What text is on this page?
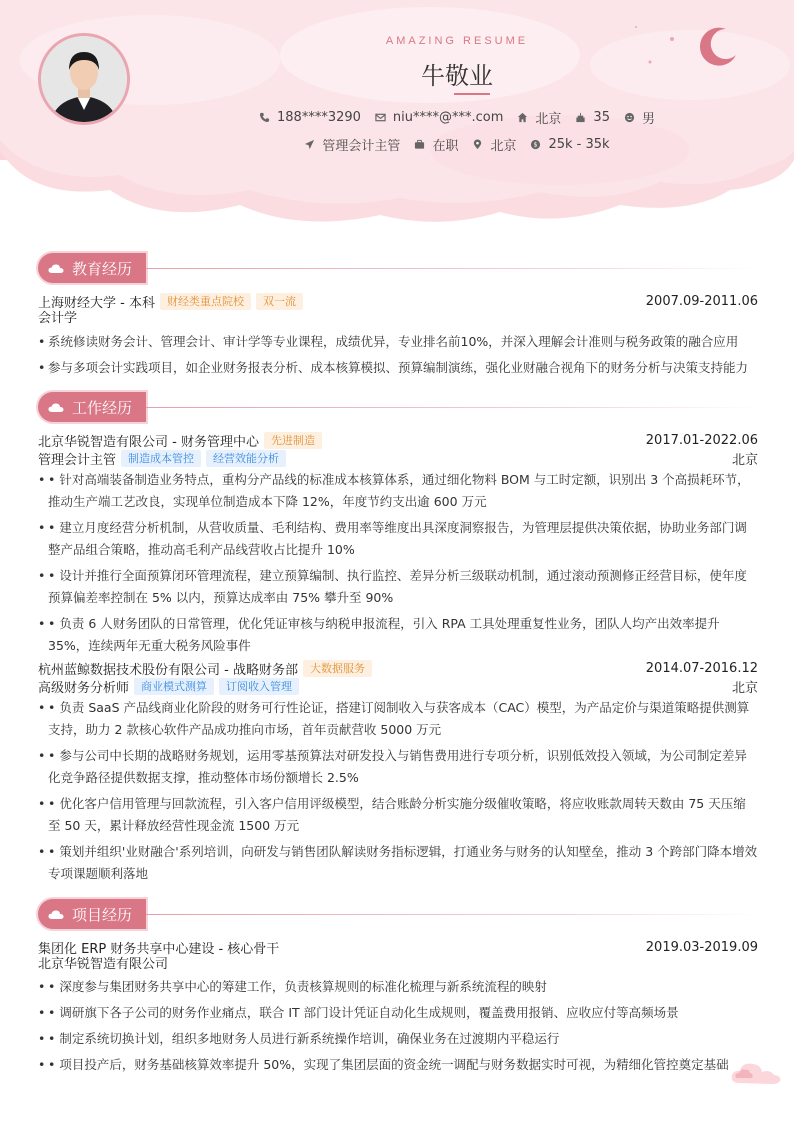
AMAZING RESUME
牛敬业
188****3290 niu****@***.com 北京 35 男
管理会计主管 在职 北京 $ 25k - 35k
教育经历
上海财经大学 - 本科	财经类重点院校	双一流	2007.09-2011.06
会计学
• 系统修读财务会计、管理会计、审计学等专业课程，成绩优异，专业排名前10%，并深入理解会计准则与税务政策的融合应用
• 参与多项会计实践项目，如企业财务报表分析、成本核算模拟、预算编制演练，强化业财融合视角下的财务分析与决策支持能力
工作经历
北京华锐智造有限公司 - 财务管理中心	先进制造	2017.01-2022.06
管理会计主管	制造成本管控	经营效能分析	北京
• • 针对高端装备制造业务特点，重构分产品线的标准成本核算体系，通过细化物料 BOM 与工时定额，识别出 3 个高损耗环节，推动生产端工艺改良，实现单位制造成本下降 12%，年度节约支出逾 600 万元
• • 建立月度经营分析机制，从营收质量、毛利结构、费用率等维度出具深度洞察报告，为管理层提供决策依据，协助业务部门调整产品组合策略，推动高毛利产品线营收占比提升 10%
• • 设计并推行全面预算闭环管理流程，建立预算编制、执行监控、差异分析三级联动机制，通过滚动预测修正经营目标，使年度预算偏差率控制在 5% 以内，预算达成率由 75% 攀升至 90%
• • 负责 6 人财务团队的日常管理，优化凭证审核与纳税申报流程，引入 RPA 工具处理重复性业务，团队人均产出效率提升 35%，连续两年无重大税务风险事件
杭州蓝鲸数据技术股份有限公司 - 战略财务部	大数据服务	2014.07-2016.12
高级财务分析师	商业模式测算	订阅收入管理	北京
• • 负责 SaaS 产品线商业化阶段的财务可行性论证，搭建订阅制收入与获客成本（CAC）模型，为产品定价与渠道策略提供测算支持，助力 2 款核心软件产品成功推向市场，首年贡献营收 5000 万元
• • 参与公司中长期的战略财务规划，运用零基预算法对研发投入与销售费用进行专项分析，识别低效投入领域，为公司制定差异化竞争路径提供数据支撑，推动整体市场份额增长 2.5%
• • 优化客户信用管理与回款流程，引入客户信用评级模型，结合账龄分析实施分级催收策略，将应收账款周转天数由 75 天压缩至 50 天，累计释放经营性现金流 1500 万元
• • 策划并组织'业财融合'系列培训，向研发与销售团队解读财务指标逻辑，打通业务与财务的认知壁垒，推动 3 个跨部门降本增效专项课题顺利落地
项目经历
集团化 ERP 财务共享中心建设 - 核心骨干	2019.03-2019.09
北京华锐智造有限公司
• • 深度参与集团财务共享中心的筹建工作，负责核算规则的标准化梳理与新系统流程的映射
• • 调研旗下各子公司的财务作业痛点，联合 IT 部门设计凭证自动化生成规则，覆盖费用报销、应收应付等高频场景
• • 制定系统切换计划，组织多地财务人员进行新系统操作培训，确保业务在过渡期内平稳运行
• • 项目投产后，财务基础核算效率提升 50%，实现了集团层面的资金统一调配与财务数据实时可视，为精细化管控奠定基础
